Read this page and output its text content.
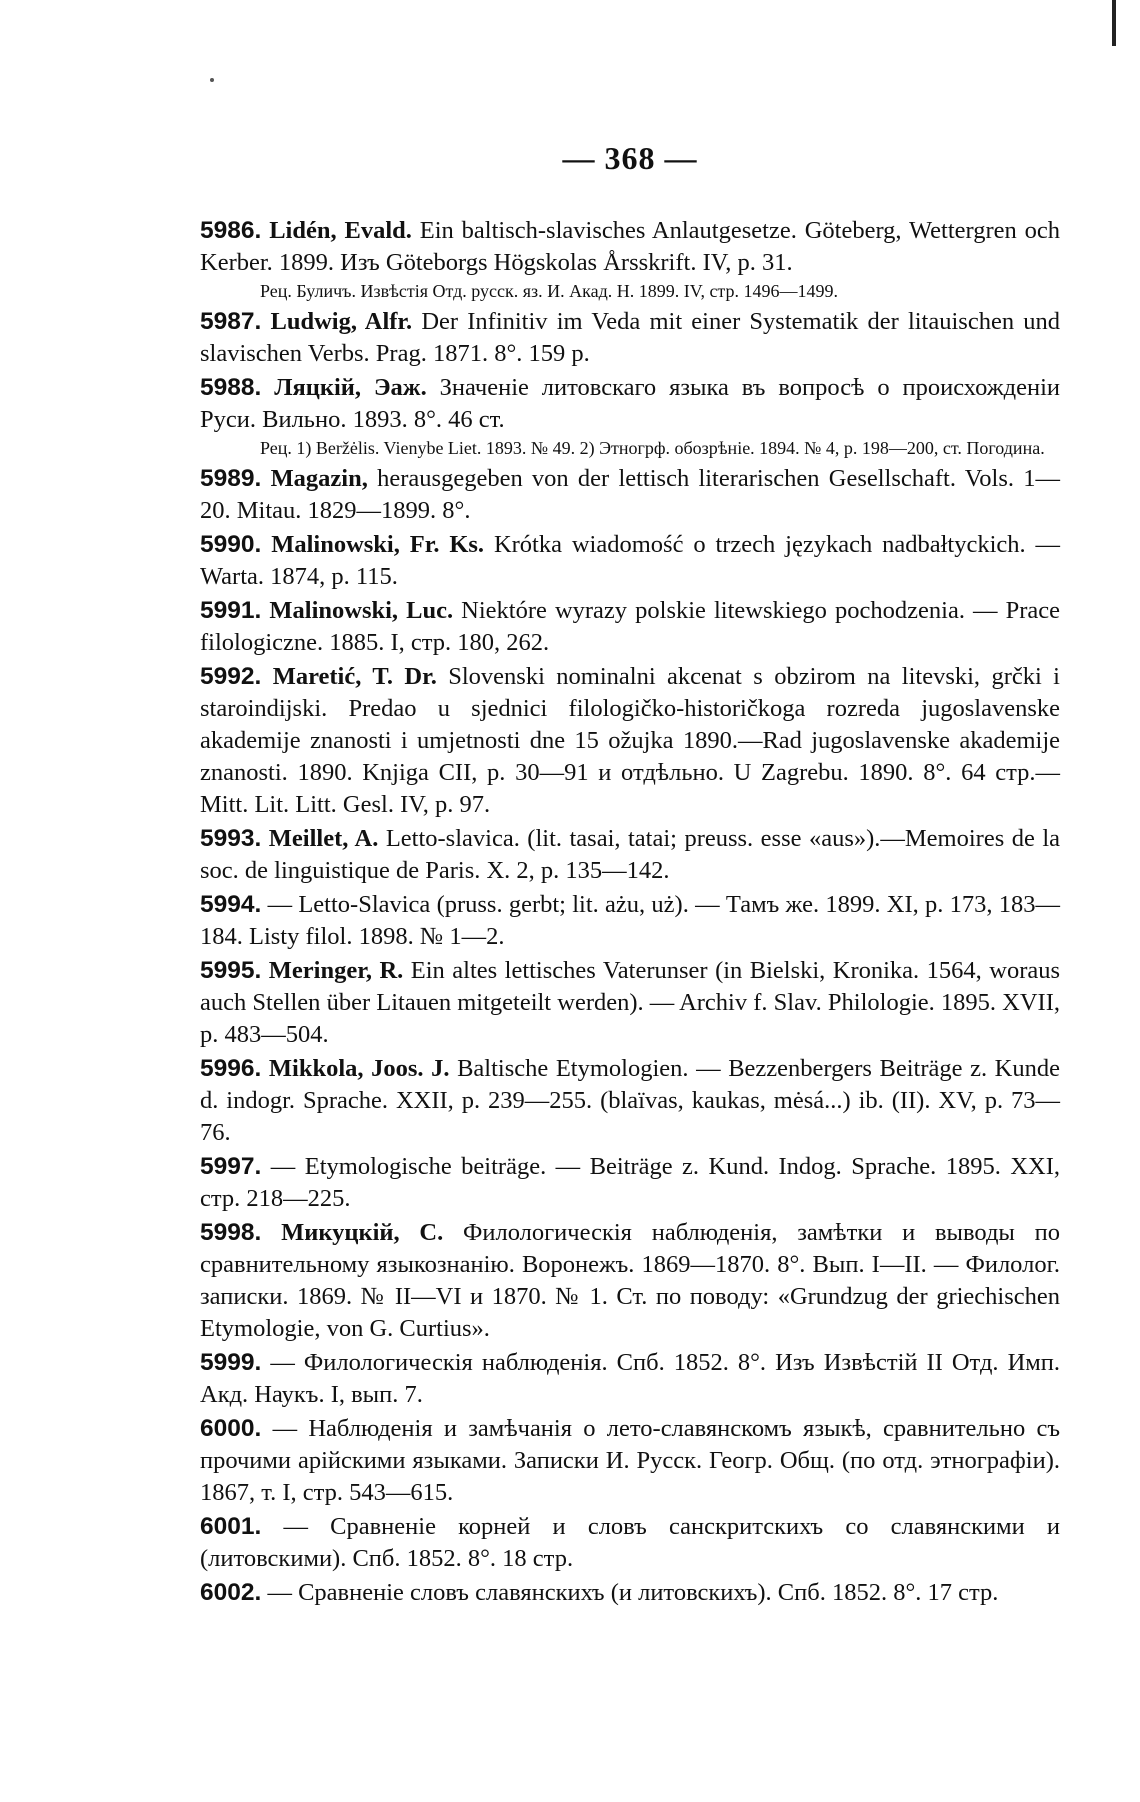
— 368 —

5986. Lidén, Evald. Ein baltisch-slavisches Anlautgesetze. Göteberg, Wettergren och Kerber. 1899. Изъ Göteborgs Högskolas Årsskrift. IV, p. 31.

Рец. Буличъ. Извѣстія Отд. русск. яз. И. Акад. Н. 1899. IV, стр. 1496—1499.

5987. Ludwig, Alfr. Der Infinitiv im Veda mit einer Systematik der litauischen und slavischen Verbs. Prag. 1871. 8°. 159 p.

5988. Ляцкій, Эаж. Значеніе литовскаго языка въ вопросѣ о происхожденіи Руси. Вильно. 1893. 8°. 46 ст.

Рец. 1) Beržėlis. Vienybe Liet. 1893. № 49. 2) Этногрф. обозрѣніе. 1894. № 4, р. 198—200, ст. Погодина.

5989. Magazin, herausgegeben von der lettisch literarischen Gesellschaft. Vols. 1—20. Mitau. 1829—1899. 8°.

5990. Malinowski, Fr. Ks. Krótka wiadomość o trzech językach nadbałtyckich. — Warta. 1874, p. 115.

5991. Malinowski, Luc. Niektóre wyrazy polskie litewskiego pochodzenia. — Prace filologiczne. 1885. I, стр. 180, 262.

5992. Maretić, T. Dr. Slovenski nominalni akcenat s obzirom na litevski, grčki i staroindijski. Predao u sjednici filologičko-historičkoga rozreda jugoslavenske akademije znanosti i umjetnosti dne 15 ožujka 1890.—Rad jugoslavenske akademije znanosti. 1890. Knjiga CII, p. 30—91 и отдѣльно. U Zagrebu. 1890. 8°. 64 стр.— Mitt. Lit. Litt. Gesl. IV, p. 97.

5993. Meillet, A. Letto-slavica. (lit. tasai, tatai; preuss. esse «aus»).—Memoires de la soc. de linguistique de Paris. X. 2, p. 135—142.

5994. — Letto-Slavica (pruss. gerbt; lit. ażu, uż). — Тамъ же. 1899. XI, p. 173, 183—184. Listy filol. 1898. № 1—2.

5995. Meringer, R. Ein altes lettisches Vaterunser (in Bielski, Kronika. 1564, woraus auch Stellen über Litauen mitgeteilt werden). — Archiv f. Slav. Philologie. 1895. XVII, p. 483—504.

5996. Mikkola, Joos. J. Baltische Etymologien. — Bezzenbergers Beiträge z. Kunde d. indogr. Sprache. XXII, p. 239—255. (blaïvas, kaukas, mėsá...) ib. (II). XV, p. 73—76.

5997. — Etymologische beiträge. — Beiträge z. Kund. Indog. Sprache. 1895. XXI, стр. 218—225.

5998. Микуцкій, С. Филологическія наблюденія, замѣтки и выводы по сравнительному языкознанію. Воронежъ. 1869—1870. 8°. Вып. I—II. — Филолог. записки. 1869. № II—VI и 1870. № 1. Ст. по поводу: «Grundzug der griechischen Etymologie, von G. Curtius».

5999. — Филологическія наблюденія. Спб. 1852. 8°. Изъ Извѣстій II Отд. Имп. Акд. Наукъ. I, вып. 7.

6000. — Наблюденія и замѣчанія о лето-славянскомъ языкѣ, сравнительно съ прочими арійскими языками. Записки И. Русск. Геогр. Общ. (по отд. этнографіи). 1867, т. I, стр. 543—615.

6001. — Сравненіе корней и словъ санскритскихъ со славянскими и (литовскими). Спб. 1852. 8°. 18 стр.

6002. — Сравненіе словъ славянскихъ (и литовскихъ). Спб. 1852. 8°. 17 стр.
